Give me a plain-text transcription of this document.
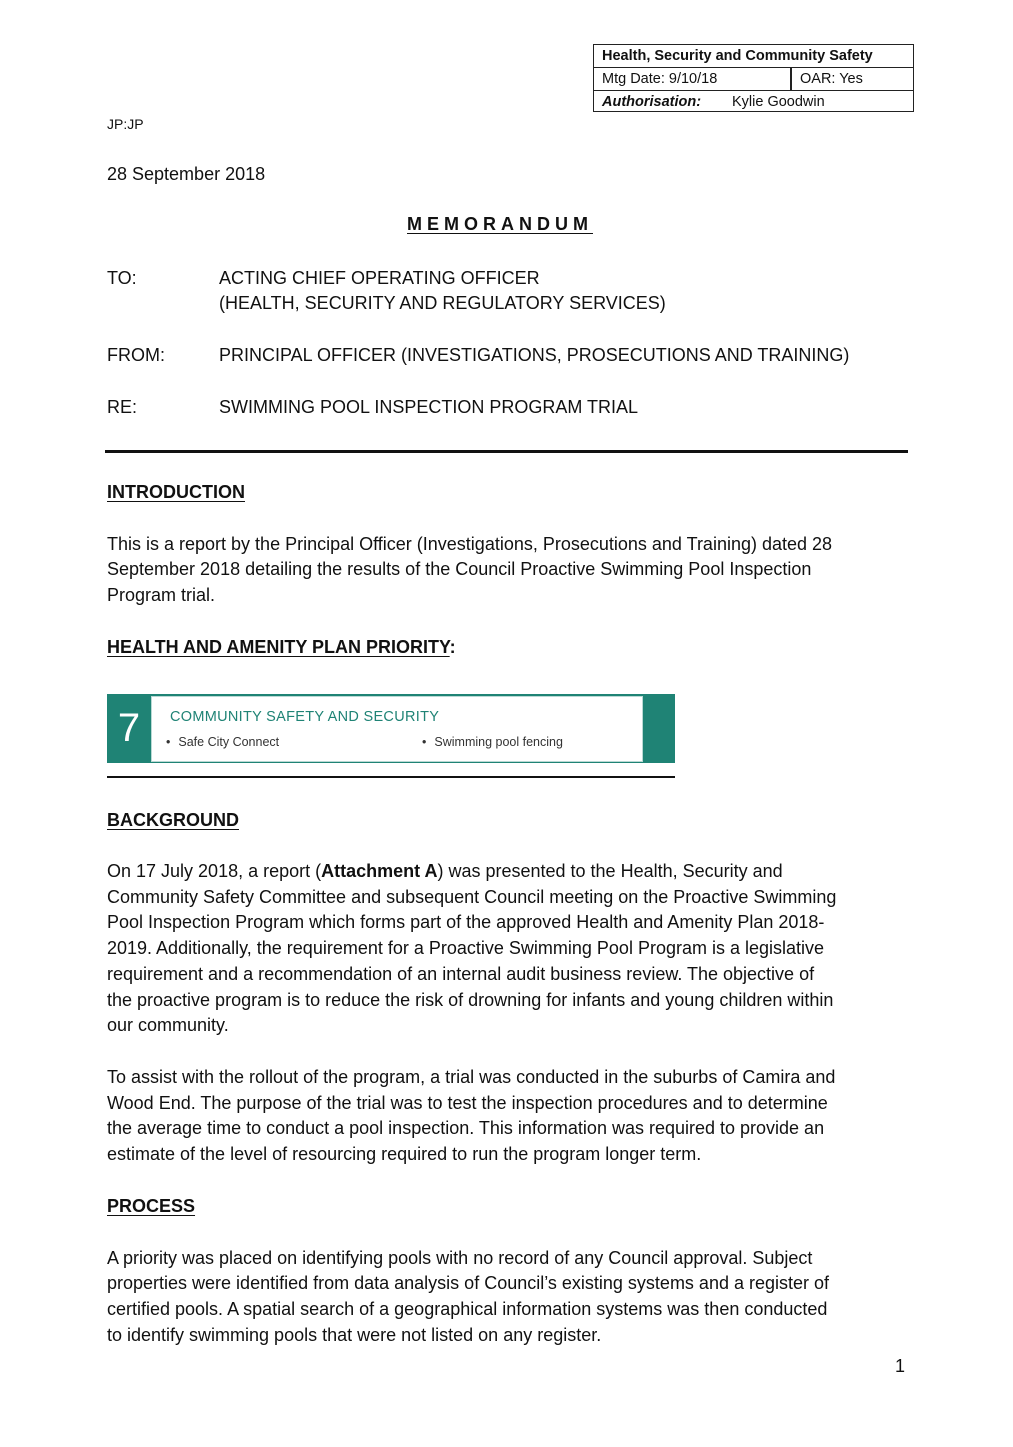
Health, Security and Community Safety
Mtg Date: 9/10/18	OAR: Yes
Authorisation: Kylie Goodwin
JP:JP
28 September 2018
MEMORANDUM
TO:	ACTING CHIEF OPERATING OFFICER
(HEALTH, SECURITY AND REGULATORY SERVICES)
FROM:	PRINCIPAL OFFICER (INVESTIGATIONS, PROSECUTIONS AND TRAINING)
RE:	SWIMMING POOL INSPECTION PROGRAM TRIAL
INTRODUCTION
This is a report by the Principal Officer (Investigations, Prosecutions and Training) dated 28
September 2018 detailing the results of the Council Proactive Swimming Pool Inspection
Program trial.
HEALTH AND AMENITY PLAN PRIORITY:
7	COMMUNITY SAFETY AND SECURITY
• Safe City Connect	• Swimming pool fencing
BACKGROUND
On 17 July 2018, a report (Attachment A) was presented to the Health, Security and
Community Safety Committee and subsequent Council meeting on the Proactive Swimming
Pool Inspection Program which forms part of the approved Health and Amenity Plan 2018-
2019. Additionally, the requirement for a Proactive Swimming Pool Program is a legislative
requirement and a recommendation of an internal audit business review. The objective of
the proactive program is to reduce the risk of drowning for infants and young children within
our community.
To assist with the rollout of the program, a trial was conducted in the suburbs of Camira and
Wood End. The purpose of the trial was to test the inspection procedures and to determine
the average time to conduct a pool inspection. This information was required to provide an
estimate of the level of resourcing required to run the program longer term.
PROCESS
A priority was placed on identifying pools with no record of any Council approval. Subject
properties were identified from data analysis of Council’s existing systems and a register of
certified pools. A spatial search of a geographical information systems was then conducted
to identify swimming pools that were not listed on any register.
1
